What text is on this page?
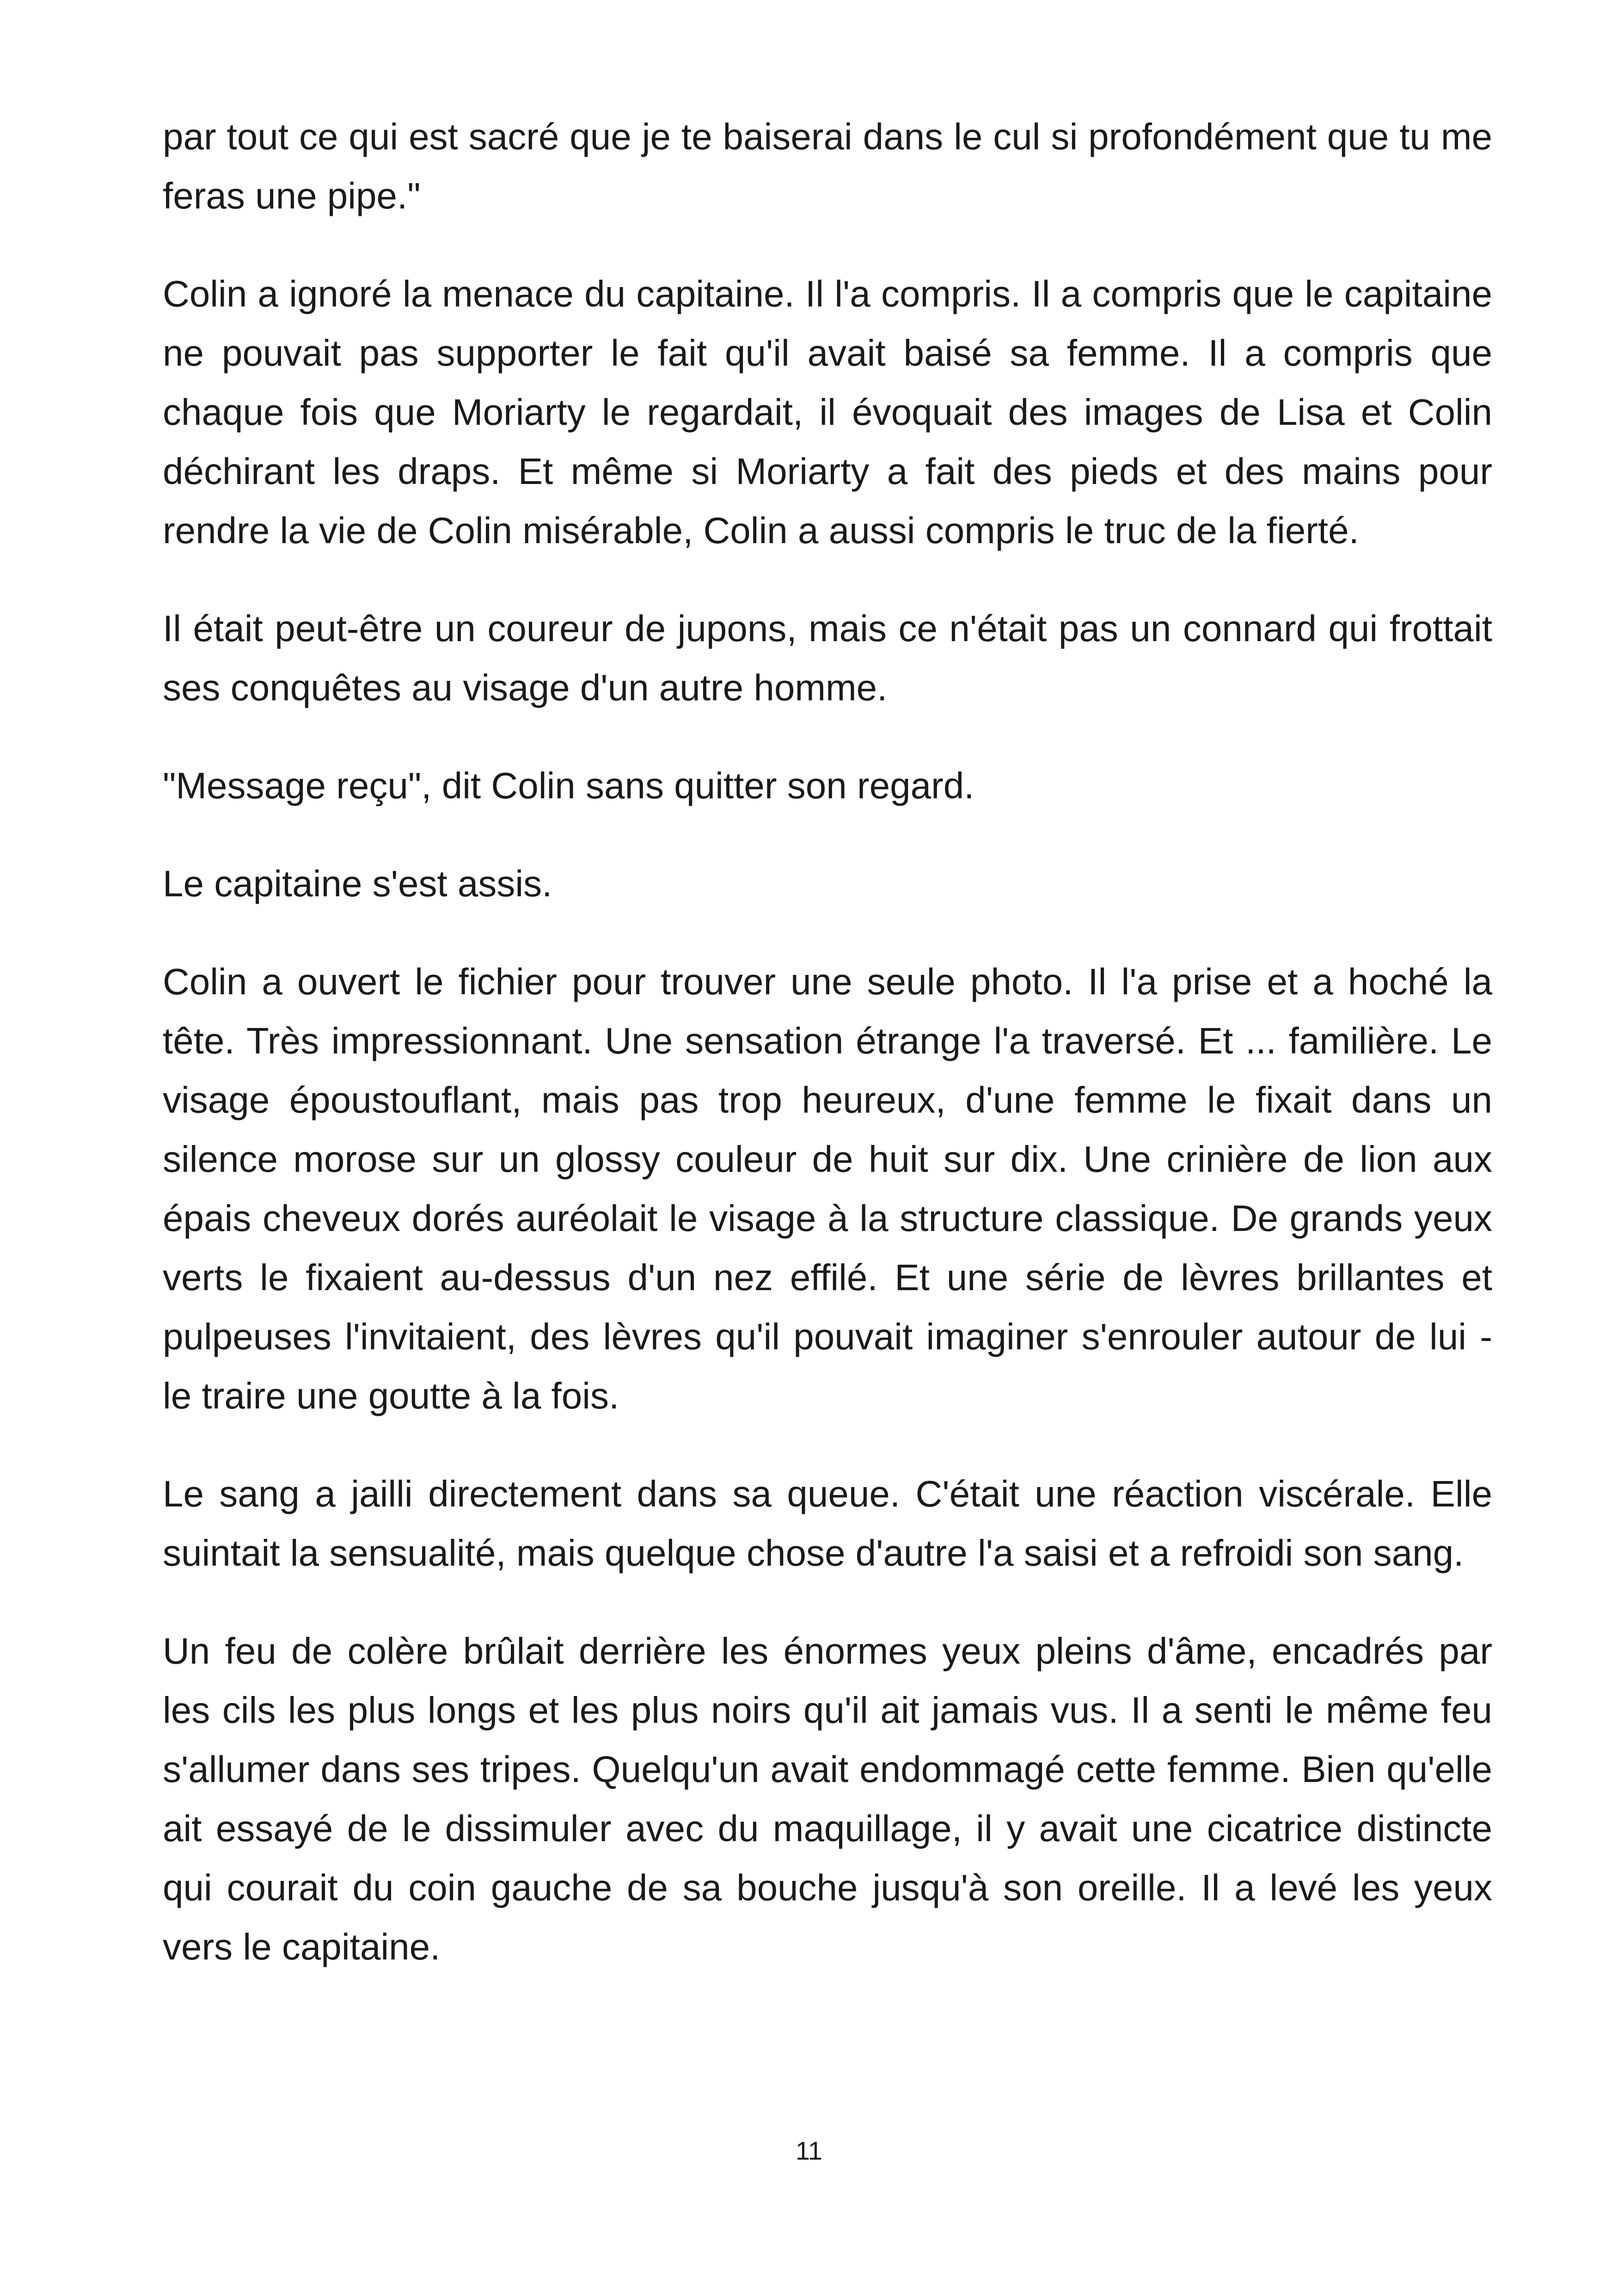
par tout ce qui est sacré que je te baiserai dans le cul si profondément que tu me feras une pipe."

Colin a ignoré la menace du capitaine. Il l'a compris. Il a compris que le capitaine ne pouvait pas supporter le fait qu'il avait baisé sa femme. Il a compris que chaque fois que Moriarty le regardait, il évoquait des images de Lisa et Colin déchirant les draps. Et même si Moriarty a fait des pieds et des mains pour rendre la vie de Colin misérable, Colin a aussi compris le truc de la fierté.

Il était peut-être un coureur de jupons, mais ce n'était pas un connard qui frottait ses conquêtes au visage d'un autre homme.

"Message reçu", dit Colin sans quitter son regard.

Le capitaine s'est assis.

Colin a ouvert le fichier pour trouver une seule photo. Il l'a prise et a hoché la tête. Très impressionnant. Une sensation étrange l'a traversé. Et ... familière. Le visage époustouflant, mais pas trop heureux, d'une femme le fixait dans un silence morose sur un glossy couleur de huit sur dix. Une crinière de lion aux épais cheveux dorés auréolait le visage à la structure classique. De grands yeux verts le fixaient au-dessus d'un nez effilé. Et une série de lèvres brillantes et pulpeuses l'invitaient, des lèvres qu'il pouvait imaginer s'enrouler autour de lui - le traire une goutte à la fois.

Le sang a jailli directement dans sa queue. C'était une réaction viscérale. Elle suintait la sensualité, mais quelque chose d'autre l'a saisi et a refroidi son sang.

Un feu de colère brûlait derrière les énormes yeux pleins d'âme, encadrés par les cils les plus longs et les plus noirs qu'il ait jamais vus. Il a senti le même feu s'allumer dans ses tripes. Quelqu'un avait endommagé cette femme. Bien qu'elle ait essayé de le dissimuler avec du maquillage, il y avait une cicatrice distincte qui courait du coin gauche de sa bouche jusqu'à son oreille. Il a levé les yeux vers le capitaine.

11
